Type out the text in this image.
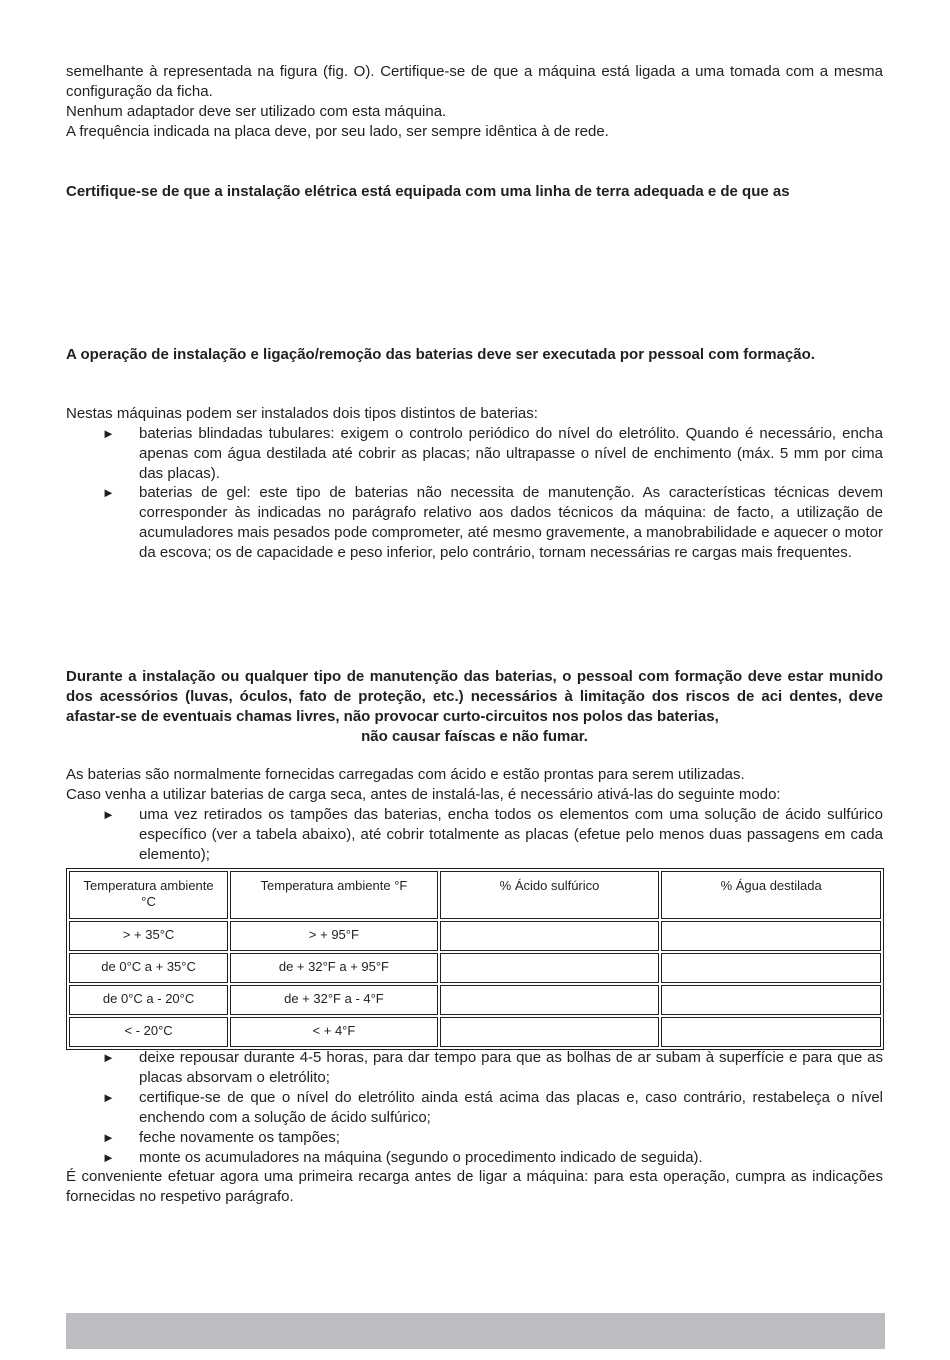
semelhante à representada na figura (fig. O). Certifique-se de que a máquina está ligada a uma tomada com a mesma configuração da ficha.

Nenhum adaptador deve ser utilizado com esta máquina.

A frequência indicada na placa deve, por seu lado, ser sempre idêntica à de rede.

Certifique-se de que a instalação elétrica está equipada com uma linha de terra adequada e de que as

A operação de instalação e ligação/remoção das baterias deve ser executada por pessoal com formação.

Nestas máquinas podem ser instalados dois tipos distintos de baterias:

► baterias blindadas tubulares: exigem o controlo periódico do nível do eletrólito. Quando é necessário, encha apenas com água destilada até cobrir as placas; não ultrapasse o nível de enchimento (máx. 5 mm por cima das placas).
► baterias de gel: este tipo de baterias não necessita de manutenção. As características técnicas devem corresponder às indicadas no parágrafo relativo aos dados técnicos da máquina: de facto, a utilização de acumuladores mais pesados pode comprometer, até mesmo gravemente, a manobrabilidade e aquecer o motor da escova; os de capacidade e peso inferior, pelo contrário, tornam necessárias re cargas mais frequentes.

Durante a instalação ou qualquer tipo de manutenção das baterias, o pessoal com formação deve estar munido dos acessórios (luvas, óculos, fato de proteção, etc.) necessários à limitação dos riscos de aci dentes, deve afastar-se de eventuais chamas livres, não provocar curto-circuitos nos polos das baterias,

não causar faíscas e não fumar.

As baterias são normalmente fornecidas carregadas com ácido e estão prontas para serem utilizadas.

Caso venha a utilizar baterias de carga seca, antes de instalá-las, é necessário ativá-las do seguinte modo:

► uma vez retirados os tampões das baterias, encha todos os elementos com uma solução de ácido sulfúrico específico (ver a tabela abaixo), até cobrir totalmente as placas (efetue pelo menos duas passagens em cada elemento);
Temperatura ambiente °C	Temperatura ambiente °F	% Ácido sulfúrico	% Água destilada
> + 35°C	> + 95°F		
de 0°C a + 35°C	de + 32°F a + 95°F		
de 0°C a - 20°C	de + 32°F a - 4°F		
< - 20°C	< + 4°F		
► deixe repousar durante 4-5 horas, para dar tempo para que as bolhas de ar subam à superfície e para que as placas absorvam o eletrólito;
► certifique-se de que o nível do eletrólito ainda está acima das placas e, caso contrário, restabeleça o nível enchendo com a solução de ácido sulfúrico;
► feche novamente os tampões;
► monte os acumuladores na máquina (segundo o procedimento indicado de seguida).

É conveniente efetuar agora uma primeira recarga antes de ligar a máquina: para esta operação, cumpra as indicações fornecidas no respetivo parágrafo.
